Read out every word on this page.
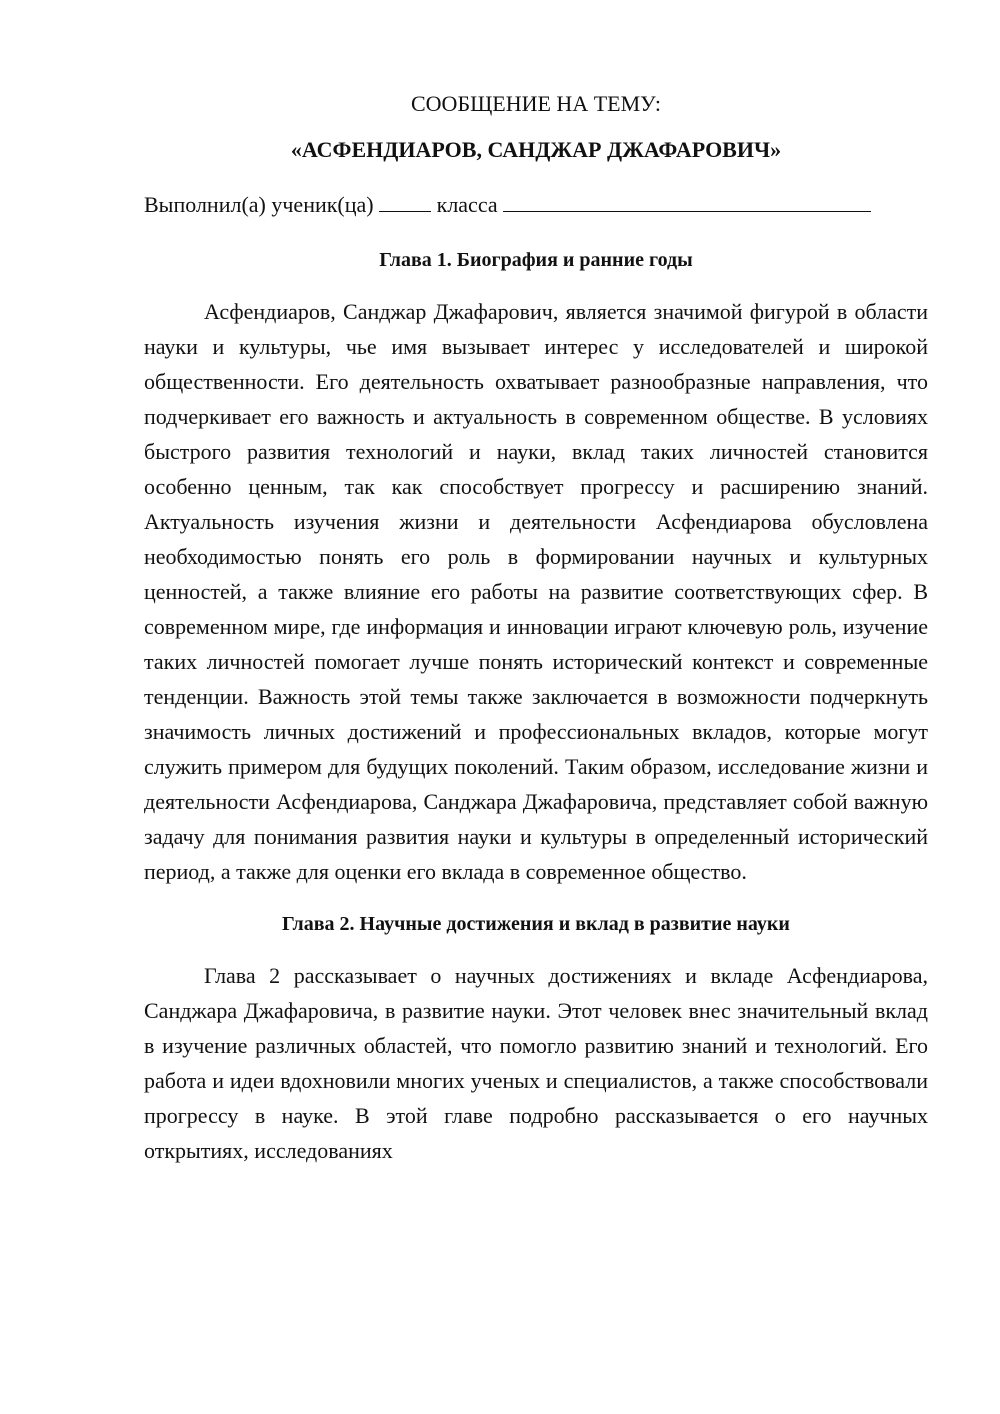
СООБЩЕНИЕ НА ТЕМУ:

«АСФЕНДИАРОВ, САНДЖАР ДЖАФАРОВИЧ»

Выполнил(а) ученик(ца)	класса
Глава 1. Биография и ранние годы

Асфендиаров, Санджар Джафарович, является значимой фигурой в области науки и культуры, чье имя вызывает интерес у исследователей и широкой общественности. Его деятельность охватывает разнообразные направления, что подчеркивает его важность и актуальность в современном обществе. В условиях быстрого развития технологий и науки, вклад таких личностей становится особенно ценным, так как способствует прогрессу и расширению знаний. Актуальность изучения жизни и деятельности Асфендиарова обусловлена необходимостью понять его роль в формировании научных и культурных ценностей, а также влияние его работы на развитие соответствующих сфер. В современном мире, где информация и инновации играют ключевую роль, изучение таких личностей помогает лучше понять исторический контекст и современные тенденции. Важность этой темы также заключается в возможности подчеркнуть значимость личных достижений и профессиональных вкладов, которые могут служить примером для будущих поколений. Таким образом, исследование жизни и деятельности Асфендиарова, Санджара Джафаровича, представляет собой важную задачу для понимания развития науки и культуры в определенный исторический период, а также для оценки его вклада в современное общество.

Глава 2. Научные достижения и вклад в развитие науки

Глава 2 рассказывает о научных достижениях и вкладе Асфендиарова, Санджара Джафаровича, в развитие науки. Этот человек внес значительный вклад в изучение различных областей, что помогло развитию знаний и технологий. Его работа и идеи вдохновили многих ученых и специалистов, а также способствовали прогрессу в науке. В этой главе подробно рассказывается о его научных открытиях, исследованиях
